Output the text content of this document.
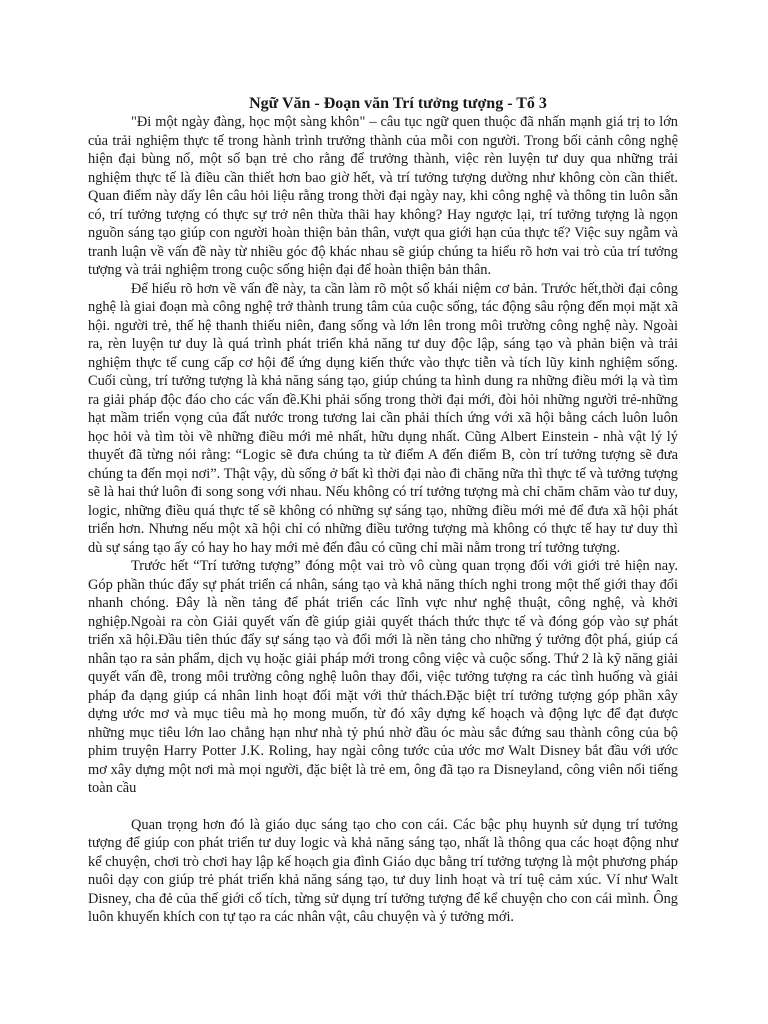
Ngữ Văn - Đoạn văn Trí tưởng tượng - Tổ 3

"Đi một ngày đàng, học một sàng khôn" – câu tục ngữ quen thuộc đã nhấn mạnh giá trị to lớn của trải nghiệm thực tế trong hành trình trưởng thành của mỗi con người. Trong bối cảnh công nghệ hiện đại bùng nổ, một số bạn trẻ cho rằng để trưởng thành, việc rèn luyện tư duy qua những trải nghiệm thực tế là điều cần thiết hơn bao giờ hết, và trí tưởng tượng dường như không còn cần thiết. Quan điểm này dấy lên câu hỏi liệu rằng trong thời đại ngày nay, khi công nghệ và thông tin luôn sẵn có, trí tưởng tượng có thực sự trở nên thừa thãi hay không? Hay ngược lại, trí tưởng tượng là ngọn nguồn sáng tạo giúp con người hoàn thiện bản thân, vượt qua giới hạn của thực tế? Việc suy ngẫm và tranh luận về vấn đề này từ nhiều góc độ khác nhau sẽ giúp chúng ta hiểu rõ hơn vai trò của trí tưởng tượng và trải nghiệm trong cuộc sống hiện đại để hoàn thiện bản thân.

Để hiểu rõ hơn về vấn đề này, ta cần làm rõ một số khái niệm cơ bản. Trước hết,thời đại công nghệ là giai đoạn mà công nghệ trở thành trung tâm của cuộc sống, tác động sâu rộng đến mọi mặt xã hội. người trẻ, thế hệ thanh thiếu niên, đang sống và lớn lên trong môi trường công nghệ này. Ngoài ra, rèn luyện tư duy là quá trình phát triển khả năng tư duy độc lập, sáng tạo và phản biện và trải nghiệm thực tế cung cấp cơ hội để ứng dụng kiến thức vào thực tiễn và tích lũy kinh nghiệm sống. Cuối cùng, trí tưởng tượng là khả năng sáng tạo, giúp chúng ta hình dung ra những điều mới lạ và tìm ra giải pháp độc đáo cho các vấn đề.Khi phải sống trong thời đại mới, đòi hỏi những người trẻ-những hạt mầm triển vọng của đất nước trong tương lai cần phải thích ứng với xã hội bằng cách luôn luôn học hỏi và tìm tòi về những điều mới mẻ nhất, hữu dụng nhất. Cũng Albert Einstein - nhà vật lý lý thuyết đã từng nói rằng: “Logic sẽ đưa chúng ta từ điểm A đến điểm B, còn trí tưởng tượng sẽ đưa chúng ta đến mọi nơi”. Thật vậy, dù sống ở bất kì thời đại nào đi chăng nữa thì thực tế và tưởng tượng sẽ là hai thứ luôn đi song song với nhau. Nếu không có trí tưởng tượng mà chỉ chăm chăm vào tư duy, logic, những điều quá thực tế sẽ không có những sự sáng tạo, những điều mới mẻ để đưa xã hội phát triển hơn. Nhưng nếu một xã hội chỉ có những điều tưởng tượng mà không có thực tế hay tư duy thì dù sự sáng tạo ấy có hay ho hay mới mẻ đến đâu có cũng chỉ mãi nằm trong trí tưởng tượng.

Trước hết “Trí tưởng tượng” đóng một vai trò vô cùng quan trọng đối với giới trẻ hiện nay. Góp phần thúc đẩy sự phát triển cá nhân, sáng tạo và khả năng thích nghi trong một thế giới thay đổi nhanh chóng. Đây là nền tảng để phát triển các lĩnh vực như nghệ thuật, công nghệ, và khởi nghiệp.Ngoài ra còn Giải quyết vấn đề giúp giải quyết thách thức thực tế và đóng góp vào sự phát triển xã hội.Đầu tiên thúc đẩy sự sáng tạo và đổi mới là nền tảng cho những ý tưởng đột phá, giúp cá nhân tạo ra sản phẩm, dịch vụ hoặc giải pháp mới trong công việc và cuộc sống. Thứ 2 là kỹ năng giải quyết vấn đề, trong môi trường công nghệ luôn thay đổi, việc tưởng tượng ra các tình huống và giải pháp đa dạng giúp cá nhân linh hoạt đối mặt với thử thách.Đặc biệt trí tưởng tượng góp phần xây dựng ước mơ và mục tiêu mà họ mong muốn, từ đó xây dựng kế hoạch và động lực để đạt được những mục tiêu lớn lao chẳng hạn như nhà tỷ phú nhờ đầu óc màu sắc đứng sau thành công của bộ phim truyện Harry Potter J.K. Roling, hay ngài công tước của ước mơ Walt Disney bắt đầu với ước mơ xây dựng một nơi mà mọi người, đặc biệt là trẻ em, ông đã tạo ra Disneyland, công viên nổi tiếng toàn cầu

Quan trọng hơn đó là giáo dục sáng tạo cho con cái. Các bậc phụ huynh sử dụng trí tưởng tượng để giúp con phát triển tư duy logic và khả năng sáng tạo, nhất là thông qua các hoạt động như kể chuyện, chơi trò chơi hay lập kế hoạch gia đình Giáo dục bằng trí tưởng tượng là một phương pháp nuôi dạy con giúp trẻ phát triển khả năng sáng tạo, tư duy linh hoạt và trí tuệ cảm xúc. Ví như Walt Disney, cha đẻ của thế giới cổ tích, từng sử dụng trí tưởng tượng để kể chuyện cho con cái mình. Ông luôn khuyến khích con tự tạo ra các nhân vật, câu chuyện và ý tưởng mới.
